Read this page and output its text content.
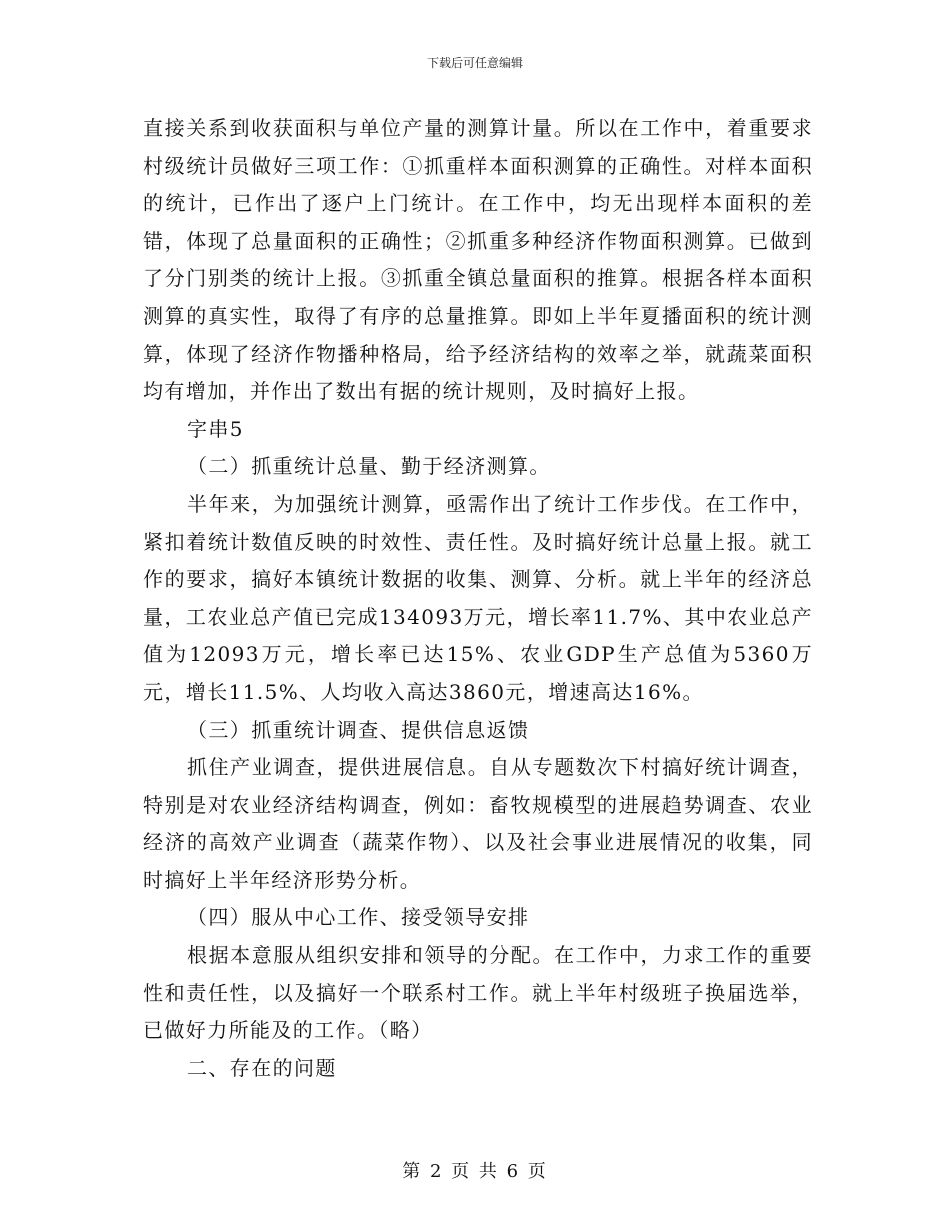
下载后可任意编辑

直接关系到收获面积与单位产量的测算计量。所以在工作中，着重要求村级统计员做好三项工作：①抓重样本面积测算的正确性。对样本面积的统计，已作出了逐户上门统计。在工作中，均无出现样本面积的差错，体现了总量面积的正确性；②抓重多种经济作物面积测算。已做到了分门别类的统计上报。③抓重全镇总量面积的推算。根据各样本面积测算的真实性，取得了有序的总量推算。即如上半年夏播面积的统计测算，体现了经济作物播种格局，给予经济结构的效率之举，就蔬菜面积均有增加，并作出了数出有据的统计规则，及时搞好上报。

字串5

（二）抓重统计总量、勤于经济测算。

半年来，为加强统计测算，亟需作出了统计工作步伐。在工作中，紧扣着统计数值反映的时效性、责任性。及时搞好统计总量上报。就工作的要求，搞好本镇统计数据的收集、测算、分析。就上半年的经济总量，工农业总产值已完成134093万元，增长率11.7%、其中农业总产值为12093万元，增长率已达15%、农业GDP生产总值为5360万元，增长11.5%、人均收入高达3860元，增速高达16%。

（三）抓重统计调查、提供信息返馈

抓住产业调查，提供进展信息。自从专题数次下村搞好统计调查，特别是对农业经济结构调查，例如：畜牧规模型的进展趋势调查、农业经济的高效产业调查（蔬菜作物）、以及社会事业进展情况的收集，同时搞好上半年经济形势分析。

（四）服从中心工作、接受领导安排

根据本意服从组织安排和领导的分配。在工作中，力求工作的重要性和责任性，以及搞好一个联系村工作。就上半年村级班子换届选举，已做好力所能及的工作。（略）

二、存在的问题

第 2 页 共 6 页
